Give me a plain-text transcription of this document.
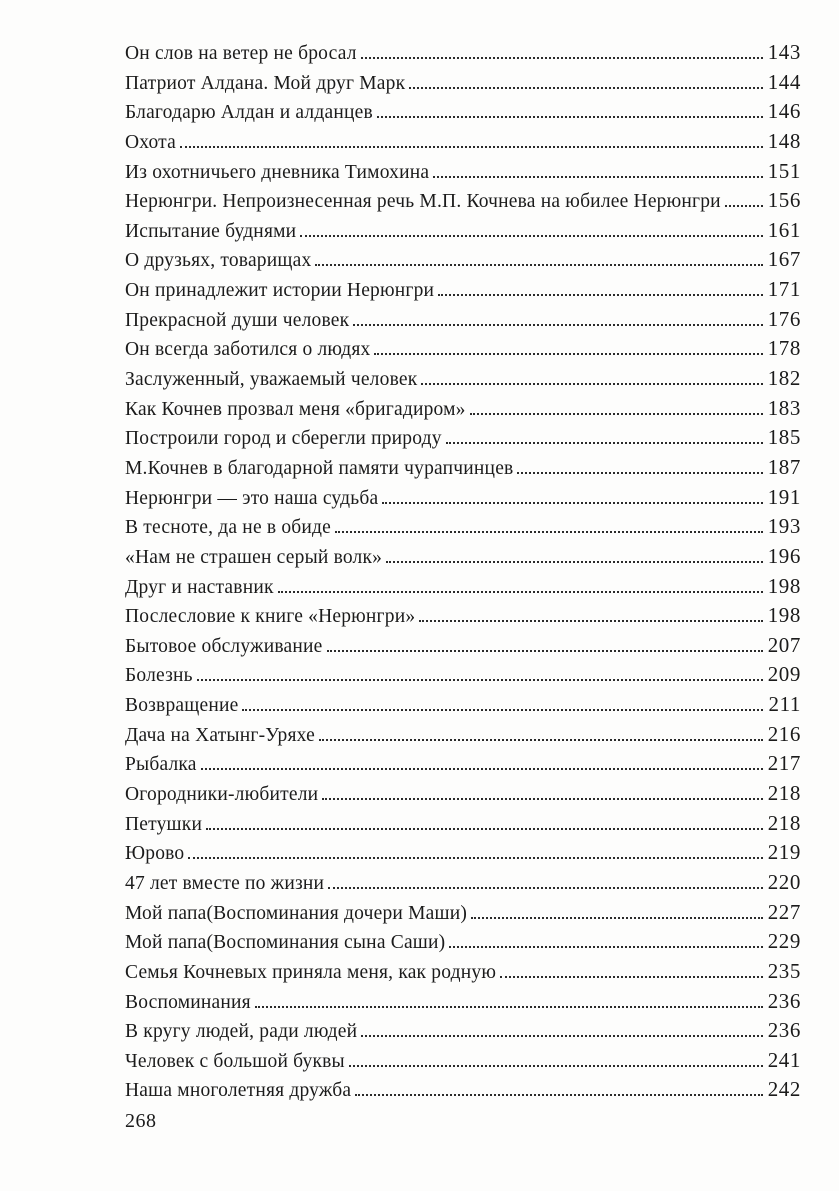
Он слов на ветер не бросал	143
Патриот Алдана. Мой друг Марк	144
Благодарю Алдан и алданцев	146
Охота	148
Из охотничьего дневника Тимохина	151
Нерюнгри. Непроизнесенная речь М.П. Кочнева на юбилее Нерюнгри 156
Испытание буднями	161
О друзьях, товарищах	167
Он принадлежит истории Нерюнгри	171
Прекрасной души человек	176
Он всегда заботился о людях	178
Заслуженный, уважаемый человек	182
Как Кочнев прозвал меня «бригадиром»	183
Построили город и сберегли природу	185
М.Кочнев в благодарной памяти чурапчинцев	187
Нерюнгри — это наша судьба	191
В тесноте, да не в обиде	193
«Нам не страшен серый волк»	196
Друг и наставник	198
Послесловие к книге «Нерюнгри»	198
Бытовое обслуживание	207
Болезнь	209
Возвращение	211
Дача на Хатынг-Уряхе	216
Рыбалка	217
Огородники-любители	218
Петушки	218
Юрово	219
47 лет вместе по жизни	220
Мой папа(Воспоминания дочери Маши)	227
Мой папа(Воспоминания сына Саши)	229
Семья Кочневых приняла меня, как родную	235
Воспоминания	236
В кругу людей, ради людей	236
Человек с большой буквы	241
Наша многолетняя дружба	242
268
